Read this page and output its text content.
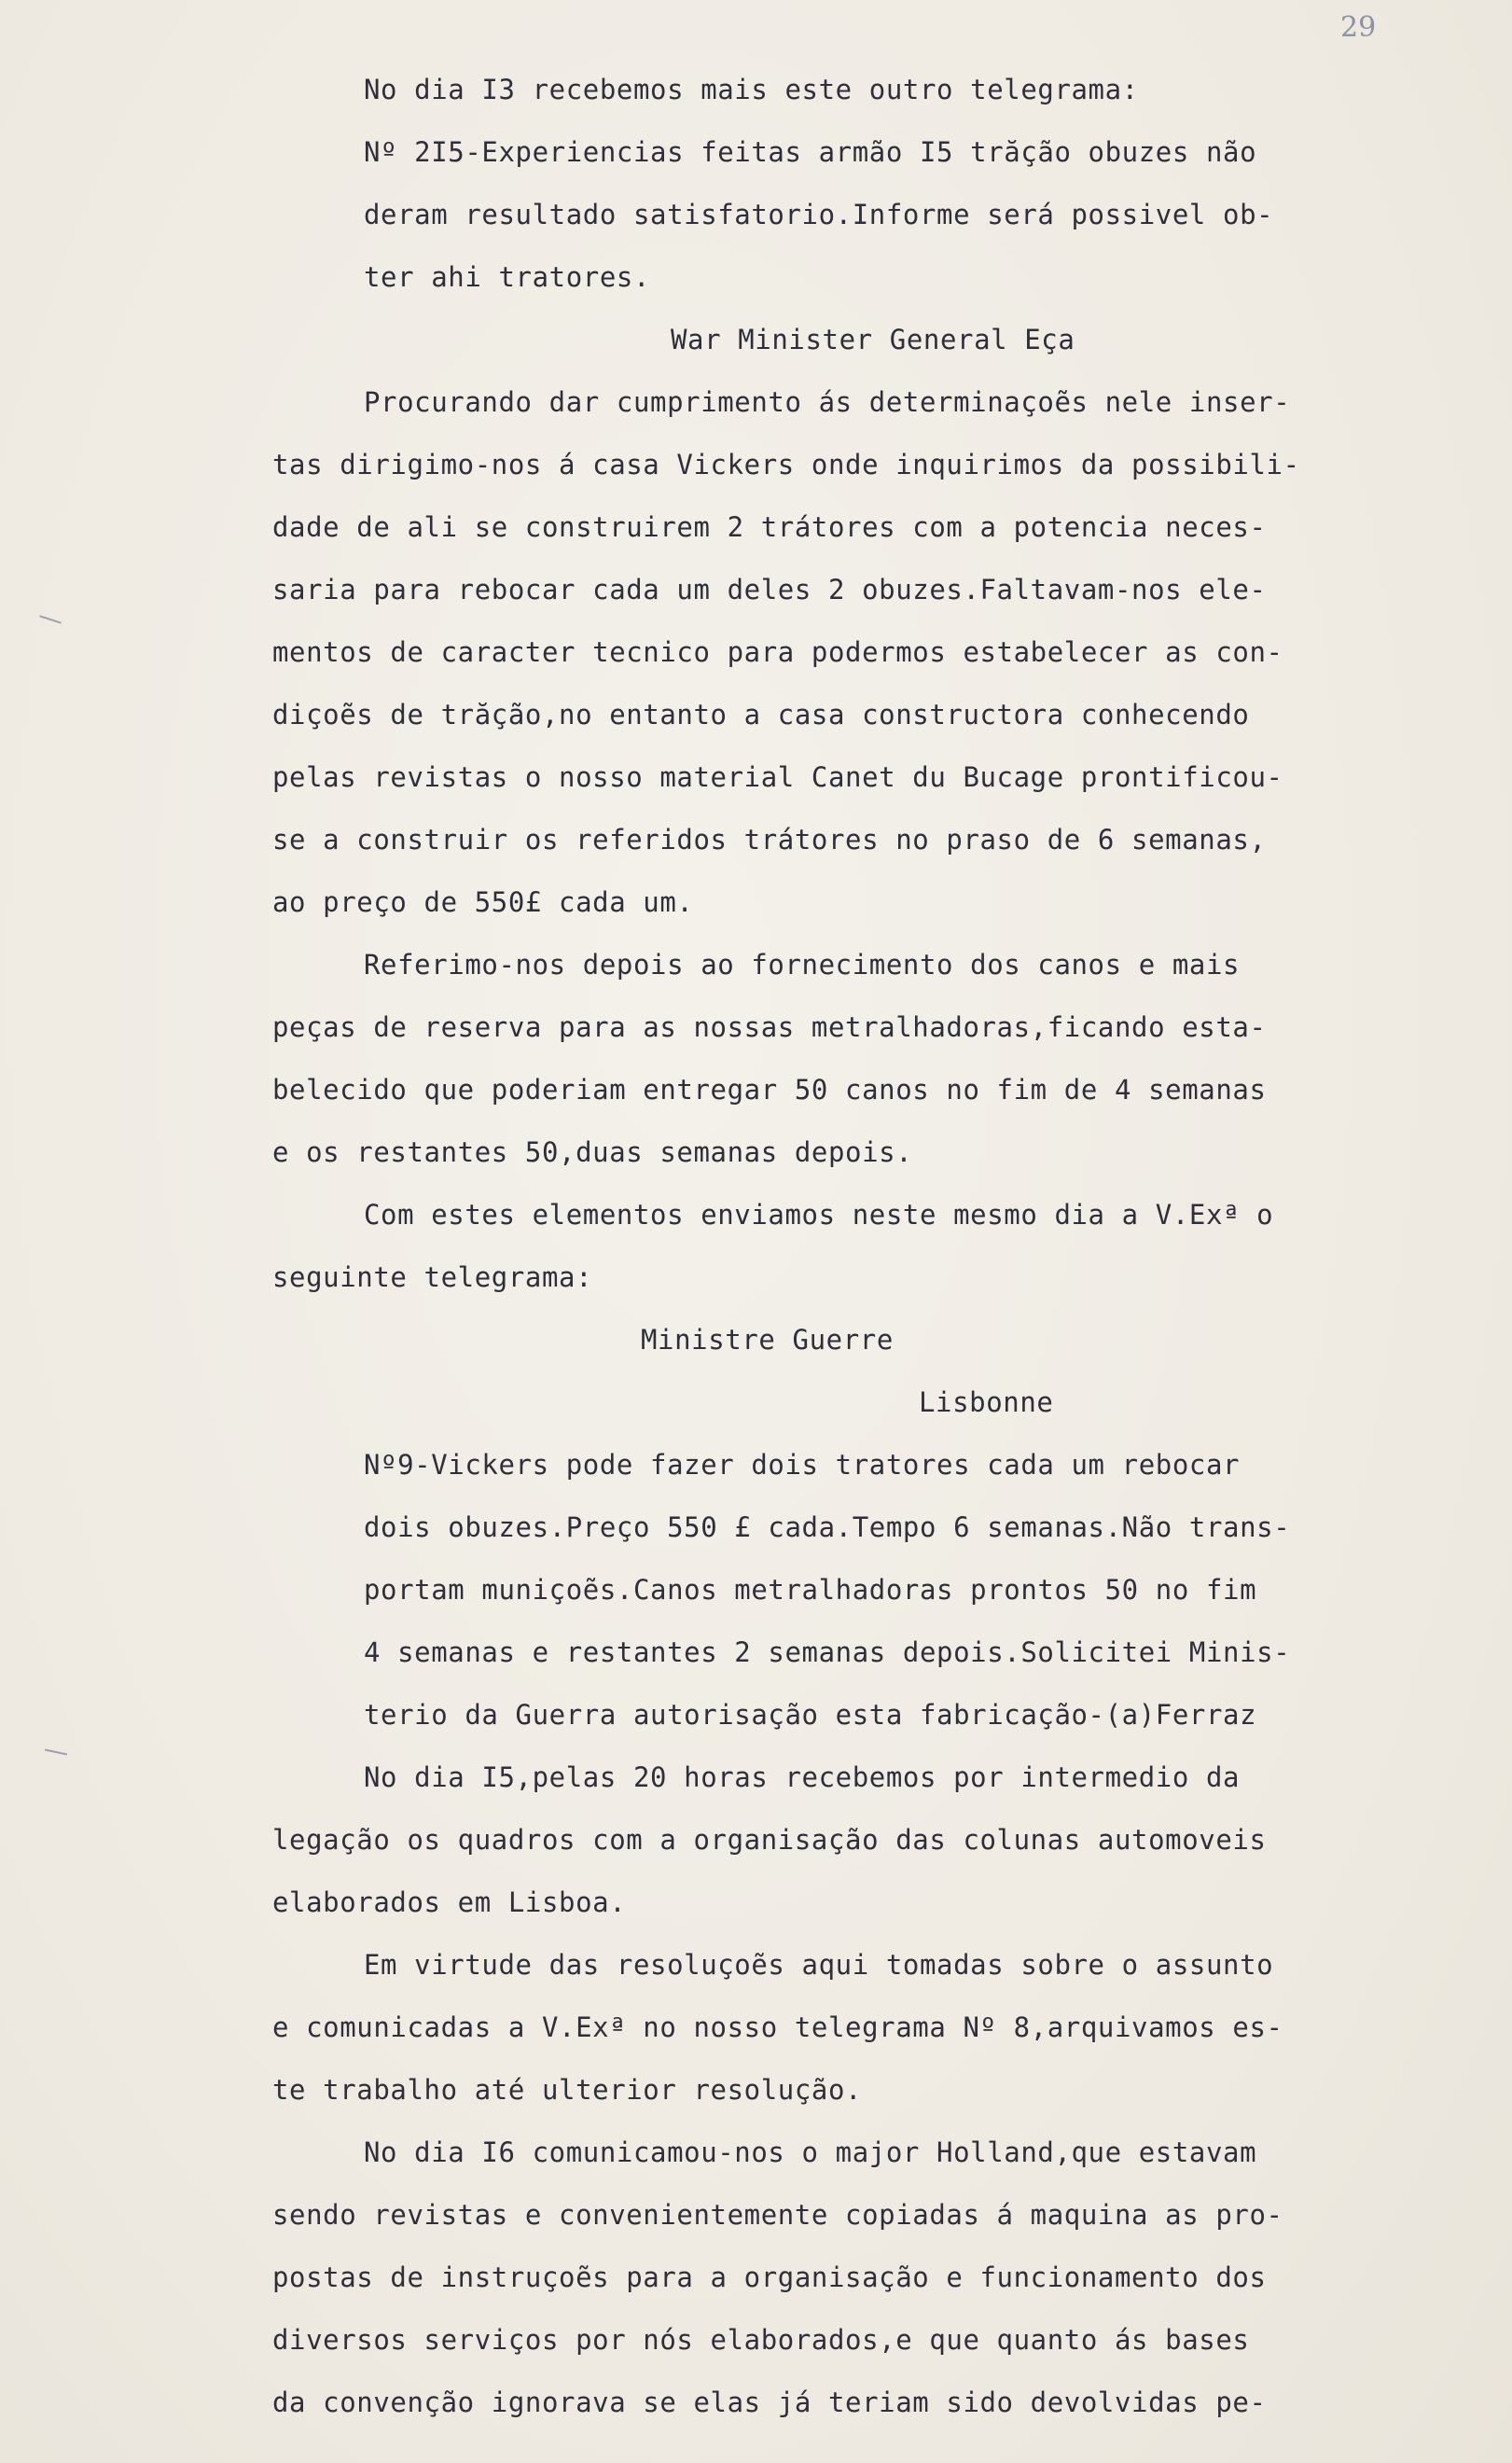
29
No dia I3 recebemos mais este outro telegrama:
Nº 2I5-Experiencias feitas armão I5 trăção obuzes não
deram resultado satisfatorio.Informe será possivel ob-
ter ahi tratores.
War Minister General Eça
Procurando dar cumprimento ás determinaçoẽs nele inser-
tas dirigimo-nos á casa Vickers onde inquirimos da possibili-
dade de ali se construirem 2 trátores com a potencia neces-
saria para rebocar cada um deles 2 obuzes.Faltavam-nos ele-
mentos de caracter tecnico para podermos estabelecer as con-
diçoẽs de trăção,no entanto a casa constructora conhecendo
pelas revistas o nosso material Canet du Bucage prontificou-
se a construir os referidos trátores no praso de 6 semanas,
ao preço de 550£ cada um.
Referimo-nos depois ao fornecimento dos canos e mais
peças de reserva para as nossas metralhadoras,ficando esta-
belecido que poderiam entregar 50 canos no fim de 4 semanas
e os restantes 50,duas semanas depois.
Com estes elementos enviamos neste mesmo dia a V.Exª o
seguinte telegrama:
Ministre Guerre
Lisbonne
Nº9-Vickers pode fazer dois tratores cada um rebocar
dois obuzes.Preço 550 £ cada.Tempo 6 semanas.Não trans-
portam muniçoẽs.Canos metralhadoras prontos 50 no fim
4 semanas e restantes 2 semanas depois.Solicitei Minis-
terio da Guerra autorisação esta fabricação-(a)Ferraz
No dia I5,pelas 20 horas recebemos por intermedio da
legação os quadros com a organisação das colunas automoveis
elaborados em Lisboa.
Em virtude das resoluçoẽs aqui tomadas sobre o assunto
e comunicadas a V.Exª no nosso telegrama Nº 8,arquivamos es-
te trabalho até ulterior resolução.
No dia I6 comunicamou-nos o major Holland,que estavam
sendo revistas e convenientemente copiadas á maquina as pro-
postas de instruçoẽs para a organisação e funcionamento dos
diversos serviços por nós elaborados,e que quanto ás bases
da convenção ignorava se elas já teriam sido devolvidas pe-
